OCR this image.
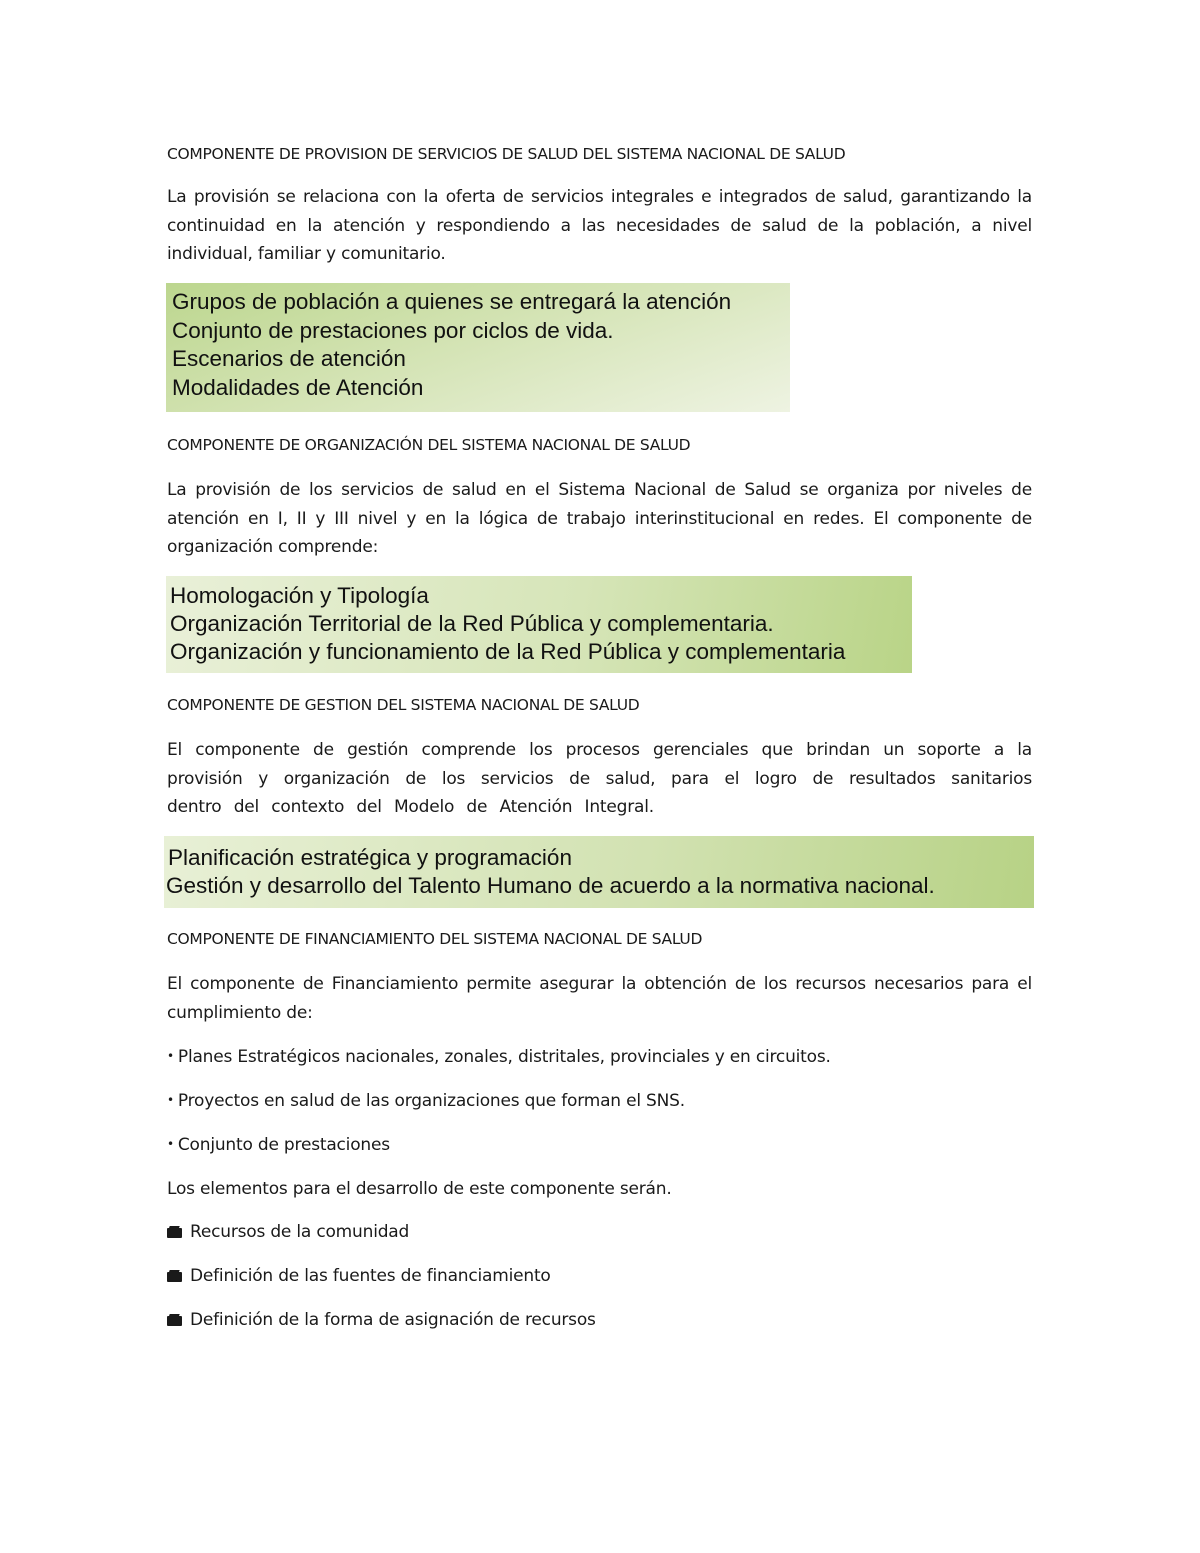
COMPONENTE DE PROVISION DE SERVICIOS DE SALUD DEL SISTEMA NACIONAL DE SALUD

La provisión se relaciona con la oferta de servicios integrales e integrados de salud, garantizando la continuidad en la atención y respondiendo a las necesidades de salud de la población, a nivel individual, familiar y comunitario.

Grupos de población a quienes se entregará la atención
Conjunto de prestaciones por ciclos de vida.
Escenarios de atención
Modalidades de Atención
COMPONENTE DE ORGANIZACIÓN DEL SISTEMA NACIONAL DE SALUD

La provisión de los servicios de salud en el Sistema Nacional de Salud se organiza por niveles de atención en I, II y III nivel y en la lógica de trabajo interinstitucional en redes. El componente de organización comprende:

Homologación y Tipología
Organización Territorial de la Red Pública y complementaria.
Organización y funcionamiento de la Red Pública y complementaria
COMPONENTE DE GESTION DEL SISTEMA NACIONAL DE SALUD

El componente de gestión comprende los procesos gerenciales que brindan un soporte a la provisión y organización de los servicios de salud, para el logro de resultados sanitarios dentro del contexto del Modelo de Atención Integral.

Planificación estratégica y programación
Gestión y desarrollo del Talento Humano de acuerdo a la normativa nacional.
COMPONENTE DE FINANCIAMIENTO DEL SISTEMA NACIONAL DE SALUD

El componente de Financiamiento permite asegurar la obtención de los recursos necesarios para el cumplimiento de:

• Planes Estratégicos nacionales, zonales, distritales, provinciales y en circuitos.

• Proyectos en salud de las organizaciones que forman el SNS.

• Conjunto de prestaciones

Los elementos para el desarrollo de este componente serán.

Recursos de la comunidad

Definición de las fuentes de financiamiento

Definición de la forma de asignación de recursos
